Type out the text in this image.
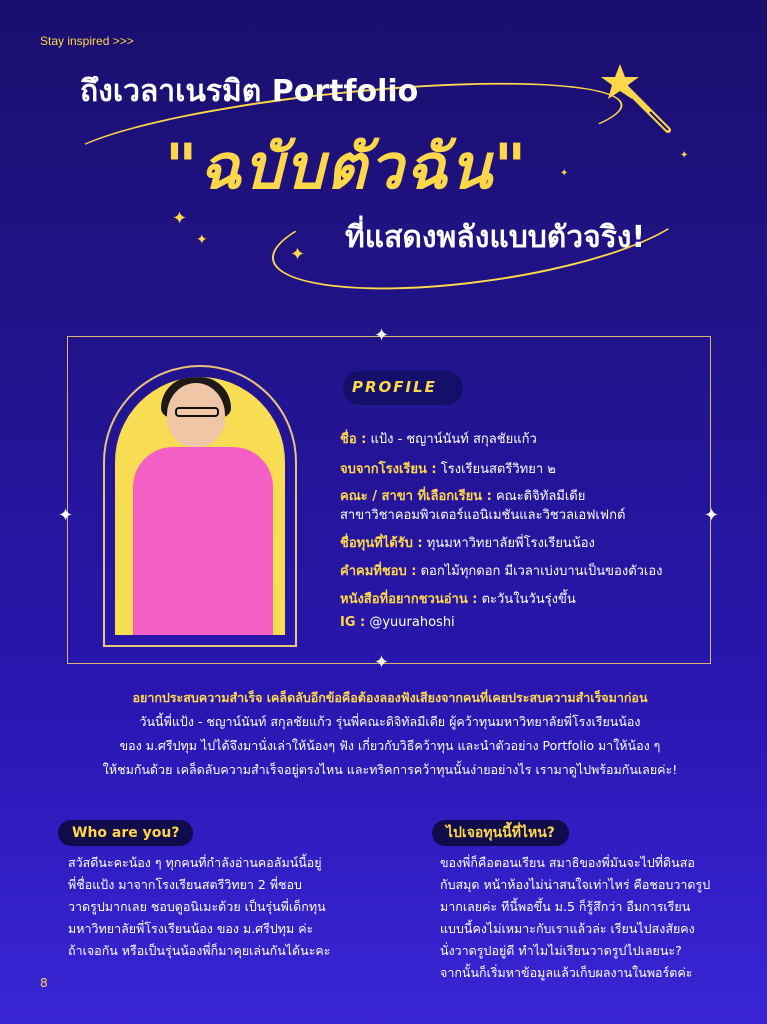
Stay inspired >>>
ถึงเวลาเนรมิต Portfolio
"ฉบับตัวฉัน"
ที่แสดงพลังแบบตัวจริง!
✦
✦
✦
✦
✦
✦
✦
✦	✦
PROFILE
ชื่อ : แป้ง - ชญาน์นันท์ สกุลชัยแก้ว
จบจากโรงเรียน : โรงเรียนสตรีวิทยา ๒
คณะ / สาขา ที่เลือกเรียน : คณะดิจิทัลมีเดีย
สาขาวิชาคอมพิวเตอร์แอนิเมชันและวิชวลเอฟเฟกต์
ชื่อทุนที่ได้รับ : ทุนมหาวิทยาลัยพี่โรงเรียนน้อง
คำคมที่ชอบ : ดอกไม้ทุกดอก มีเวลาเบ่งบานเป็นของตัวเอง
หนังสือที่อยากชวนอ่าน : ตะวันในวันรุ่งขึ้น
IG : @yuurahoshi
อยากประสบความสำเร็จ เคล็ดลับอีกข้อคือต้องลองฟังเสียงจากคนที่เคยประสบความสำเร็จมาก่อน
วันนี้พี่แป้ง - ชญาน์นันท์ สกุลชัยแก้ว รุ่นพี่คณะดิจิทัลมีเดีย ผู้คว้าทุนมหาวิทยาลัยพี่โรงเรียนน้อง
ของ ม.ศรีปทุม ไปได้จึงมานั่งเล่าให้น้องๆ ฟัง เกี่ยวกับวิธีคว้าทุน และนำตัวอย่าง Portfolio มาให้น้อง ๆ
ให้ชมกันด้วย เคล็ดลับความสำเร็จอยู่ตรงไหน และทริคการคว้าทุนนั้นง่ายอย่างไร เรามาดูไปพร้อมกันเลยค่ะ!
Who are you?
สวัสดีนะคะน้อง ๆ ทุกคนที่กำลังอ่านคอลัมน์นี้อยู่
พี่ชื่อแป้ง มาจากโรงเรียนสตรีวิทยา 2 พี่ชอบ
วาดรูปมากเลย ชอบดูอนิเมะด้วย เป็นรุ่นพี่เด็กทุน
มหาวิทยาลัยพี่โรงเรียนน้อง ของ ม.ศรีปทุม ค่ะ
ถ้าเจอกัน หรือเป็นรุ่นน้องพี่ก็มาคุยเล่นกันได้นะคะ
ไปเจอทุนนี้ที่ไหน?
ของพี่ก็คือตอนเรียน สมาธิของพี่มันจะไปที่ดินสอ
กับสมุด หน้าห้องไม่น่าสนใจเท่าไหร่ คือชอบวาดรูป
มากเลยค่ะ ทีนี้พอขึ้น ม.5 ก็รู้สึกว่า อืมการเรียน
แบบนี้คงไม่เหมาะกับเราแล้วล่ะ เรียนไปสงสัยคง
นั่งวาดรูปอยู่ดี ทำไมไม่เรียนวาดรูปไปเลยนะ?
จากนั้นก็เริ่มหาข้อมูลแล้วเก็บผลงานในพอร์ตค่ะ
8
